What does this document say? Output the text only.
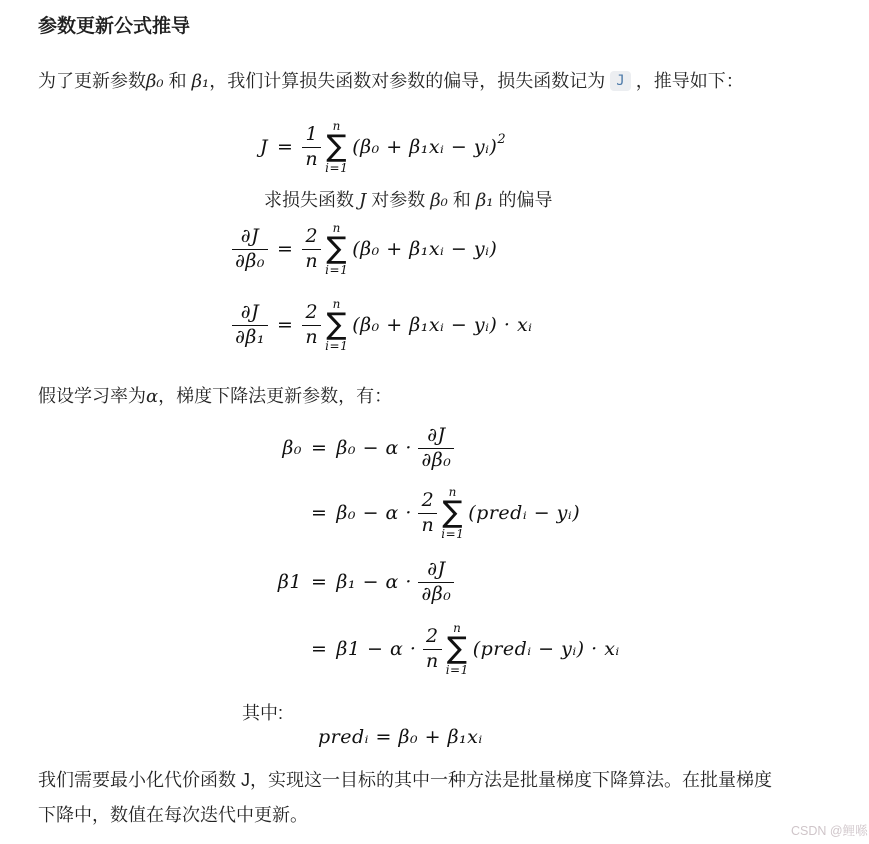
参数更新公式推导

为了更新参数β₀ 和 β₁，我们计算损失函数对参数的偏导，损失函数记为 J ，推导如下：

$J = \frac{1}{n}$ n
∑
i=1
(β₀ + β₁xᵢ − yᵢ) 2
求损失函数 J 对参数 β₀ 和 β₁ 的偏导
$\frac{\partial J}{\text{∂β₀}} = \frac{2}{n}$ n
∑
i=1
(β₀ + β₁xᵢ − yᵢ)
$\frac{\partial J}{\text{∂β₁}} = \frac{2}{n}$ n
∑
i=1
(β₀ + β₁xᵢ − yᵢ) · xᵢ

假设学习率为α，梯度下降法更新参数，有：

$\beta_0 = \beta_0 - \alpha \cdot \frac{\partial J}{\text{∂β₀}}$
= $\beta_0 - \alpha \cdot \frac{2}{n}$ n
∑
i=1
(predᵢ − yᵢ)
$\beta 1 = \beta_1 - \alpha \cdot \frac{\partial J}{\text{∂β₀}}$
= $\beta 1 - \alpha \cdot \frac{2}{n}$ n
∑
i=1
(predᵢ − yᵢ) · xᵢ
其中:
predᵢ = β₀ + β₁xᵢ

我们需要最小化代价函数 J，实现这一目标的其中一种方法是批量梯度下降算法。在批量梯度
下降中，数值在每次迭代中更新。

CSDN @鲤喺
